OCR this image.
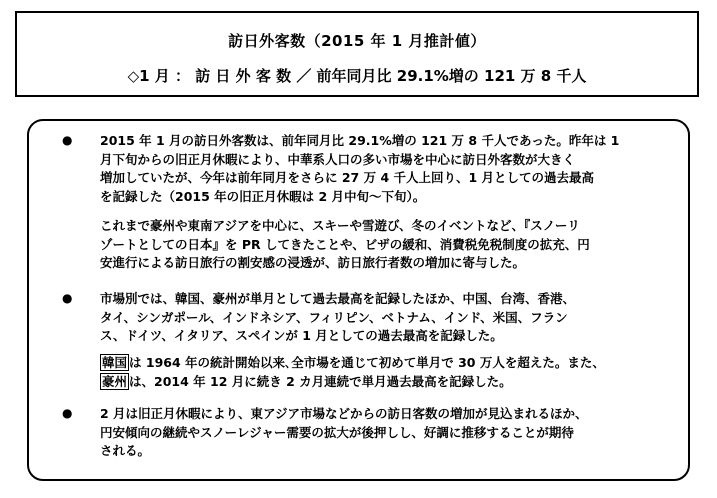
訪日外客数（2015 年 1 月推計値）
◇1 月 ： 訪 日 外 客 数 ／ 前年同月比 29.1%増の 121 万 8 千人
● 2015 年 1 月の訪日外客数は、前年同月比 29.1%増の 121 万 8 千人であった。昨年は 1
月下旬からの旧正月休暇により、中華系人口の多い市場を中心に訪日外客数が大きく
増加していたが、今年は前年同月をさらに 27 万 4 千人上回り、1 月としての過去最高
を記録した（2015 年の旧正月休暇は 2 月中旬～下旬）。
これまで豪州や東南アジアを中心に、スキーや雪遊び、冬のイベントなど、『スノーリ
ゾートとしての日本』を PR してきたことや、ビザの緩和、消費税免税制度の拡充、円
安進行による訪日旅行の割安感の浸透が、訪日旅行者数の増加に寄与した。
● 市場別では、韓国、豪州が単月として過去最高を記録したほか、中国、台湾、香港、
タイ、シンガポール、インドネシア、フィリピン、ベトナム、インド、米国、フラン
ス、ドイツ、イタリア、スペインが 1 月としての過去最高を記録した。
韓国 は 1964 年の統計開始以来､全市場を通じて初めて単月で 30 万人を超えた。また、
豪州 は、2014 年 12 月に続き 2 カ月連続で単月過去最高を記録した。
● 2 月は旧正月休暇により、東アジア市場などからの訪日客数の増加が見込まれるほか、
円安傾向の継続やスノーレジャー需要の拡大が後押しし、好調に推移することが期待
される。
